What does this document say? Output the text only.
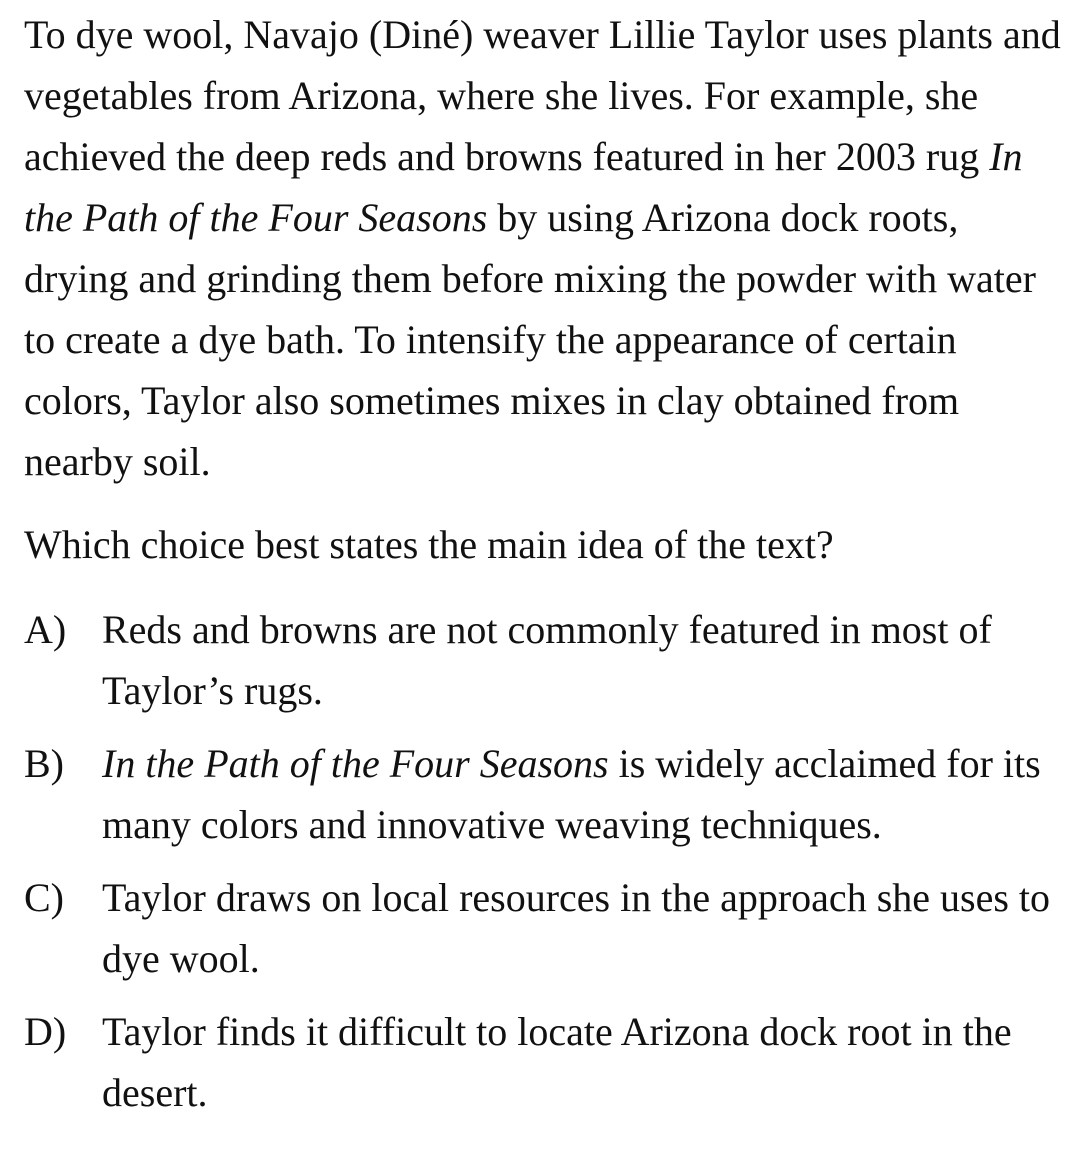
To dye wool, Navajo (Diné) weaver Lillie Taylor uses plants and vegetables from Arizona, where she lives. For example, she achieved the deep reds and browns featured in her 2003 rug In the Path of the Four Seasons by using Arizona dock roots, drying and grinding them before mixing the powder with water to create a dye bath. To intensify the appearance of certain colors, Taylor also sometimes mixes in clay obtained from nearby soil.

Which choice best states the main idea of the text?

A) Reds and browns are not commonly featured in most of Taylor’s rugs.
B) In the Path of the Four Seasons is widely acclaimed for its many colors and innovative weaving techniques.
C) Taylor draws on local resources in the approach she uses to dye wool.
D) Taylor finds it difficult to locate Arizona dock root in the desert.
